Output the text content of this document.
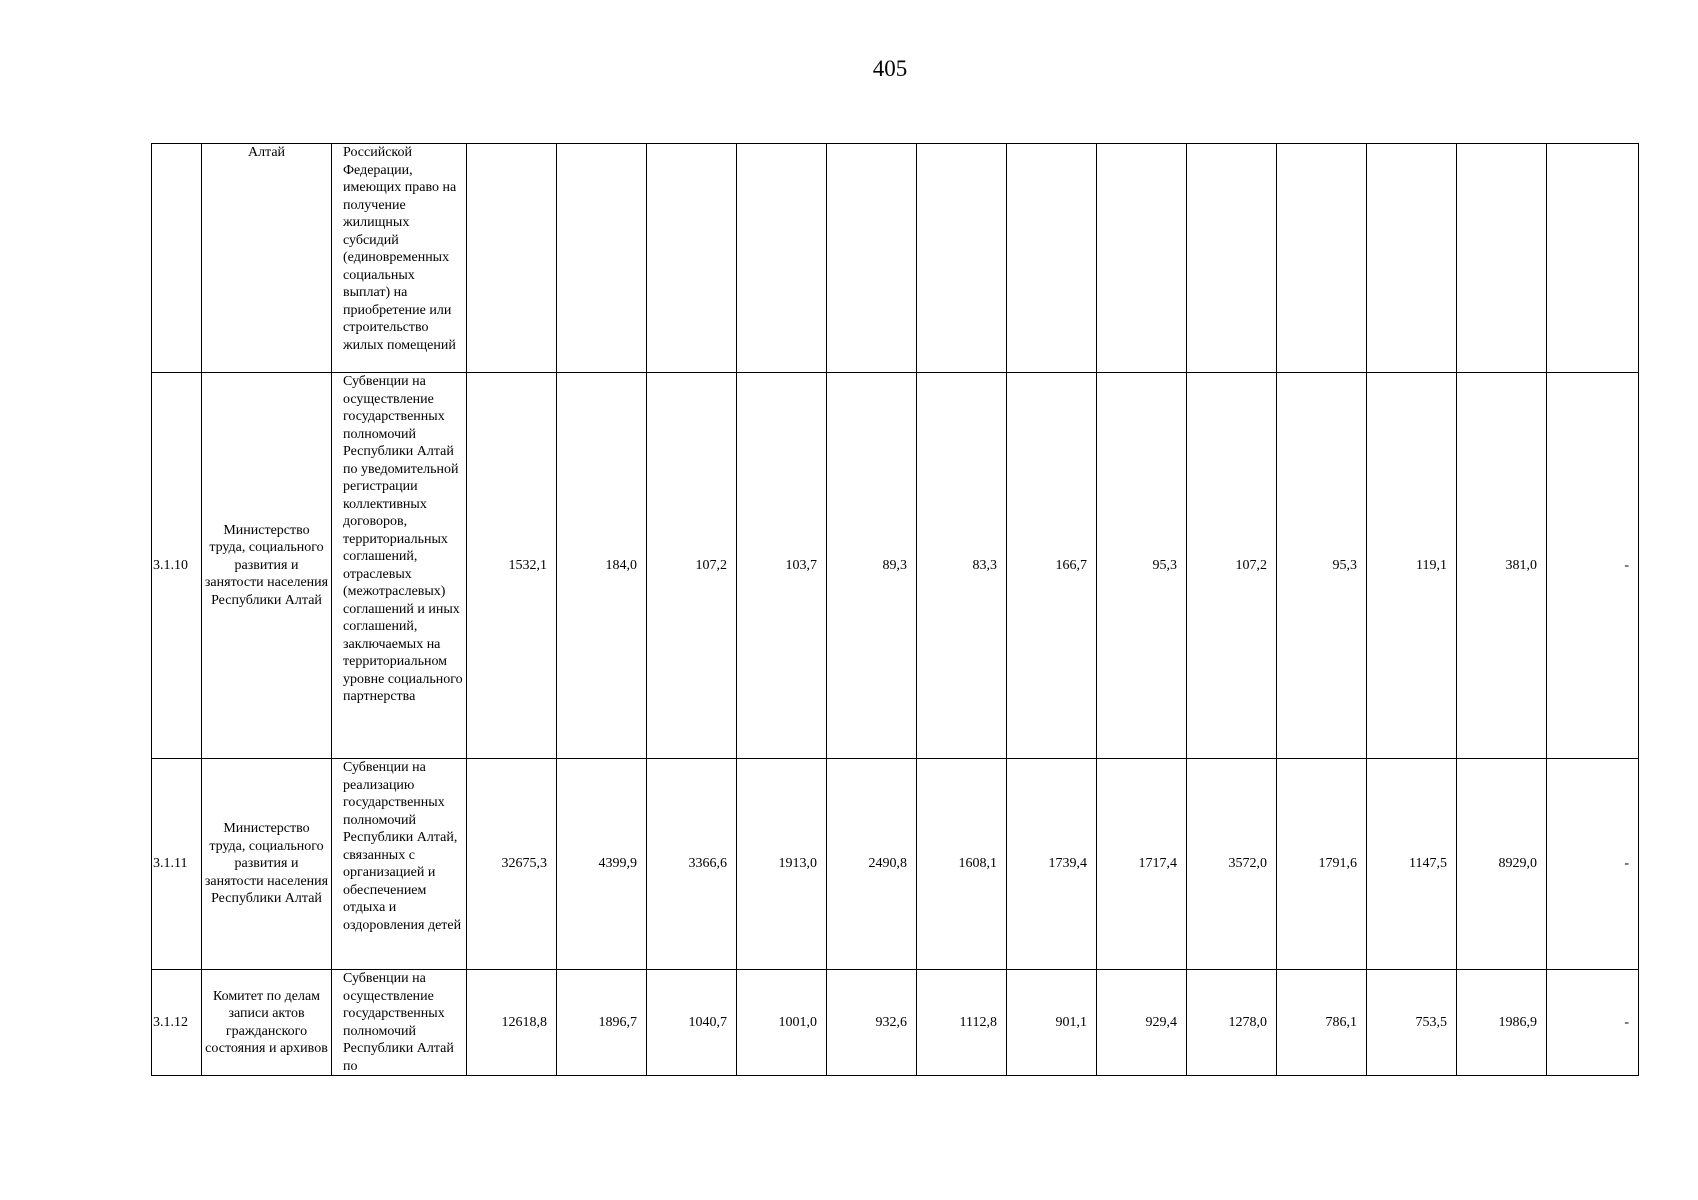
405
	Алтай	Российской Федерации, имеющих право на получение жилищных субсидий (единовременных социальных выплат) на приобретение или строительство жилых помещений													
3.1.10	Министерство труда, социального развития и занятости населения Республики Алтай	Субвенции на осуществление государственных полномочий Республики Алтай по уведомительной регистрации коллективных договоров, территориальных соглашений, отраслевых (межотраслевых) соглашений и иных соглашений, заключаемых на территориальном уровне социального партнерства	1532,1	184,0	107,2	103,7	89,3	83,3	166,7	95,3	107,2	95,3	119,1	381,0	-
3.1.11	Министерство труда, социального развития и занятости населения Республики Алтай	Субвенции на реализацию государственных полномочий Республики Алтай, связанных с организацией и обеспечением отдыха и оздоровления детей	32675,3	4399,9	3366,6	1913,0	2490,8	1608,1	1739,4	1717,4	3572,0	1791,6	1147,5	8929,0	-
3.1.12	Комитет по делам записи актов гражданского состояния и архивов	Субвенции на осуществление государственных полномочий Республики Алтай по	12618,8	1896,7	1040,7	1001,0	932,6	1112,8	901,1	929,4	1278,0	786,1	753,5	1986,9	-
